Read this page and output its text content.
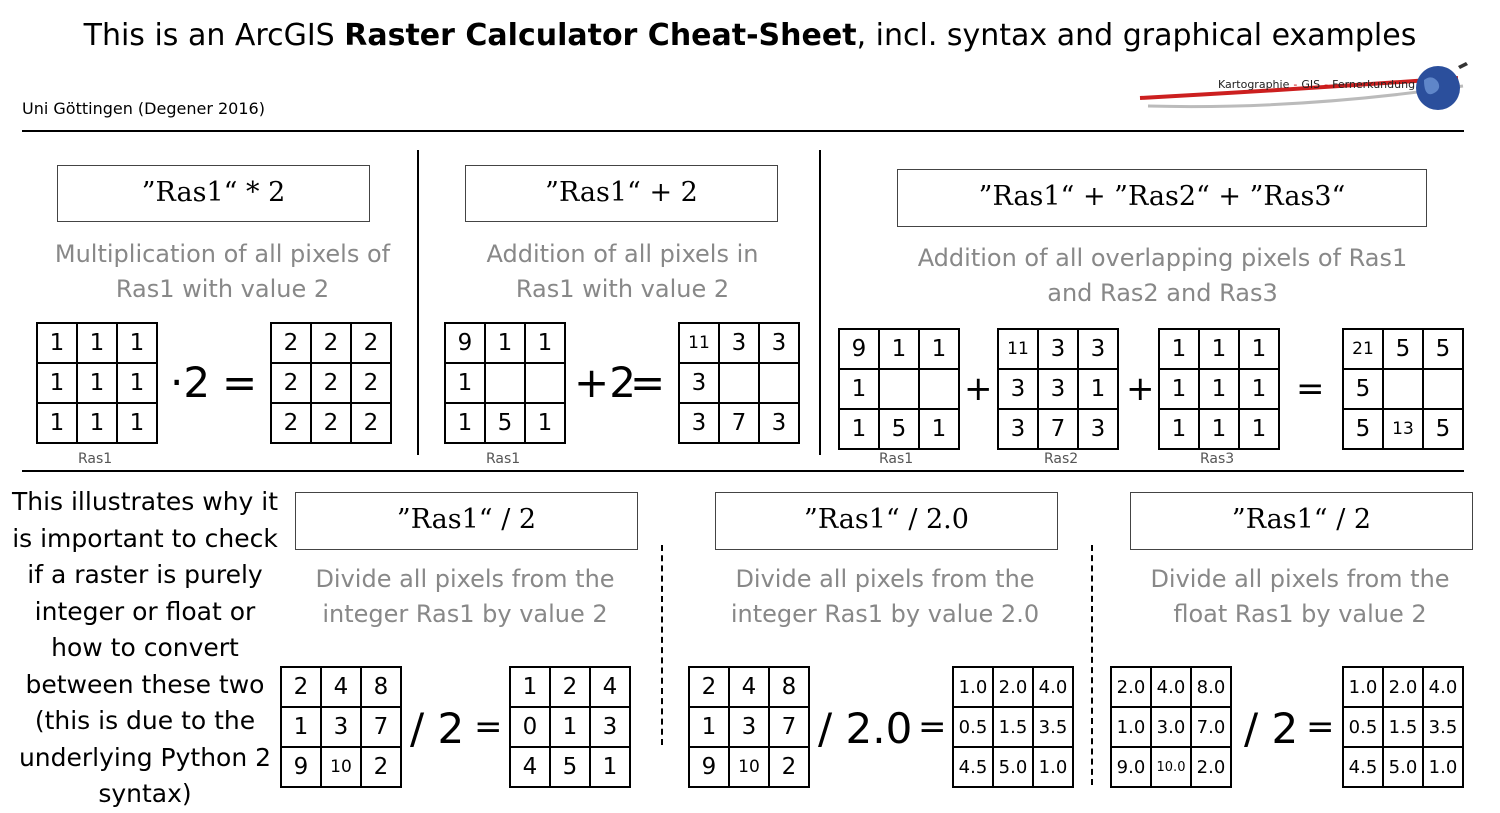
This is an ArcGIS Raster Calculator Cheat-Sheet, incl. syntax and graphical examples
Uni Göttingen (Degener 2016)
Kartographie - GIS - Fernerkundung
”Ras1“ * 2
Multiplication of all pixels of
Ras1 with value 2
1	1	1
1	1	1
1	1	1
·2 =
2	2	2
2	2	2
2	2	2
Ras1
”Ras1“ + 2
Addition of all pixels in
Ras1 with value 2
9	1	1
1
1	5	1
+2
=
11 3	3
3
3	7	3
Ras1
”Ras1“ + ”Ras2“ + ”Ras3“
Addition of all overlapping pixels of Ras1
and Ras2 and Ras3
9	1	1
1
1	5	1
+
11 3	3
3	3	1
3	7	3
+
1	1	1
1	1	1
1	1	1
=
21 5	5
5
5	13 5
Ras1	Ras2	Ras3
This illustrates why it
is important to check
if a raster is purely
integer or float or
how to convert
between these two
(this is due to the
underlying Python 2
syntax)
”Ras1“ / 2
Divide all pixels from the
integer Ras1 by value 2
2	4	8
1	3	7
9	10 2
/ 2 =
1	2	4
0	1	3
4	5	1
”Ras1“ / 2.0
Divide all pixels from the
integer Ras1 by value 2.0
2	4	8
1	3	7
9	10 2
/ 2.0 =
1.0 2.0 4.0
0.5 1.5 3.5
4.5 5.0 1.0
”Ras1“ / 2
Divide all pixels from the
float Ras1 by value 2
2.0 4.0 8.0
1.0 3.0 7.0
9.0 10.0 2.0
/ 2 =
1.0 2.0 4.0
0.5 1.5 3.5
4.5 5.0 1.0
